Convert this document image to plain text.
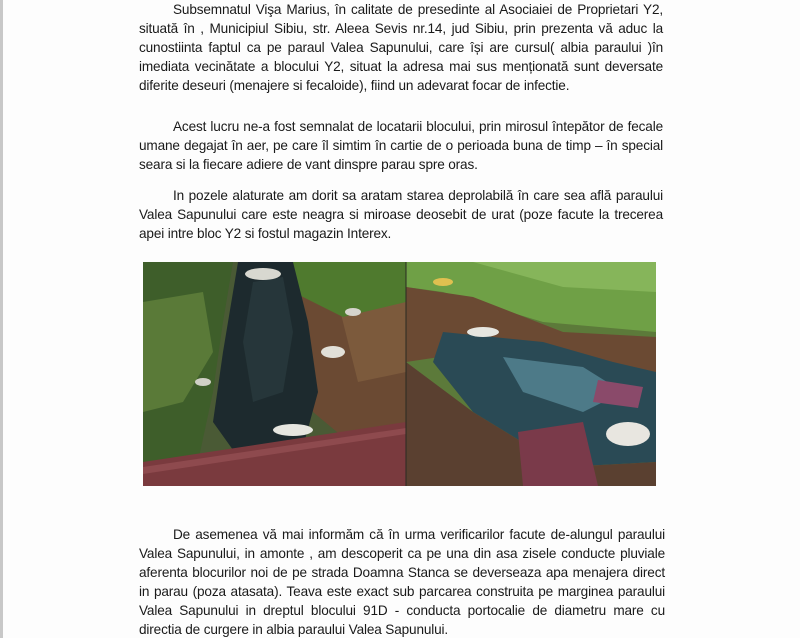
Subsemnatul Vişa Marius, în calitate de presedinte al Asociaiei de Proprietari Y2, situată în , Municipiul Sibiu, str. Aleea Sevis nr.14, jud Sibiu, prin prezenta vă aduc la cunostiinta faptul ca pe paraul Valea Sapunului, care își are cursul( albia paraului )în imediata vecinătate a blocului Y2, situat la adresa mai sus menționată sunt deversate diferite deseuri (menajere si fecaloide), fiind un adevarat focar de infectie.

Acest lucru ne-a fost semnalat de locatarii blocului, prin mirosul întepător de fecale umane degajat în aer, pe care îl simtim în cartie de o perioada buna de timp – în special seara si la fiecare adiere de vant dinspre parau spre oras.

In pozele alaturate am dorit sa aratam starea deprolabilă în care sea află paraului Valea Sapunului care este neagra si miroase deosebit de urat (poze facute la trecerea apei intre bloc Y2 si fostul magazin Interex.

De asemenea vă mai informăm că în urma verificarilor facute de-alungul paraului Valea Sapunului, in amonte , am descoperit ca pe una din asa zisele conducte pluviale aferenta blocurilor noi de pe strada Doamna Stanca se deverseaza apa menajera direct in parau (poza atasata). Teava este exact sub parcarea construita pe marginea paraului Valea Sapunului in dreptul blocului 91D - conducta portocalie de diametru mare cu directia de curgere in albia paraului Valea Sapunului.
